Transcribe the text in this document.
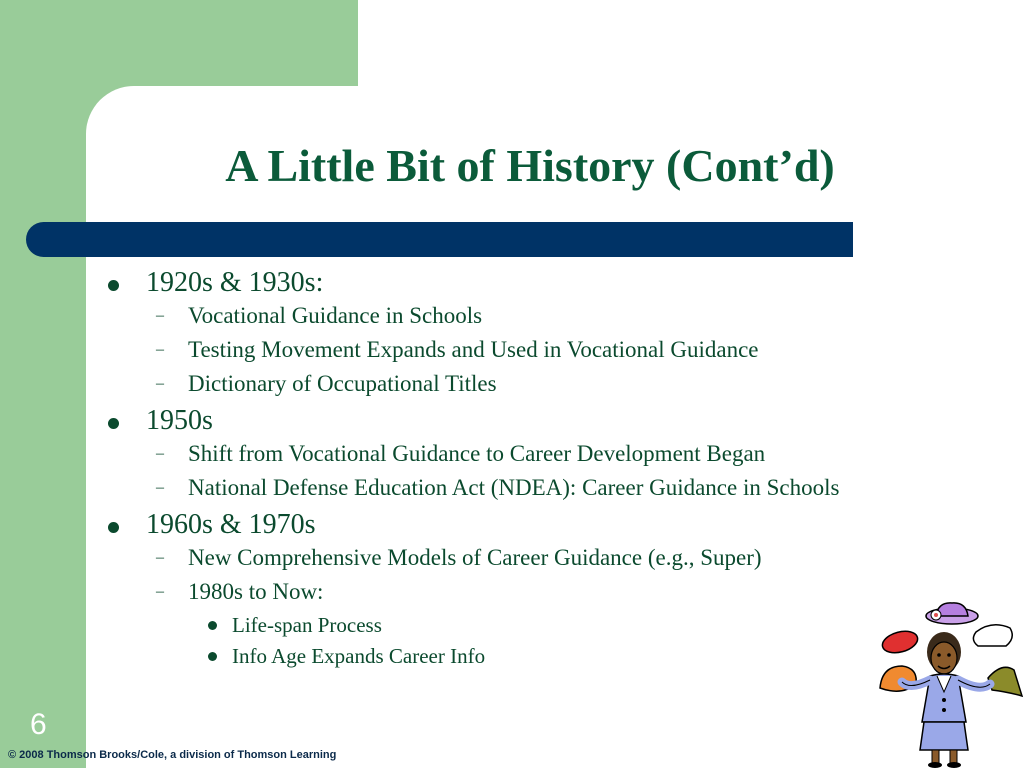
A Little Bit of History (Cont’d)
1920s & 1930s:
– Vocational Guidance in Schools
– Testing Movement Expands and Used in Vocational Guidance
– Dictionary of Occupational Titles
1950s
– Shift from Vocational Guidance to Career Development Began
– National Defense Education Act (NDEA): Career Guidance in Schools
1960s & 1970s
– New Comprehensive Models of Career Guidance (e.g., Super)
– 1980s to Now:
Life-span Process
Info Age Expands Career Info
6
© 2008 Thomson Brooks/Cole, a division of Thomson Learning
